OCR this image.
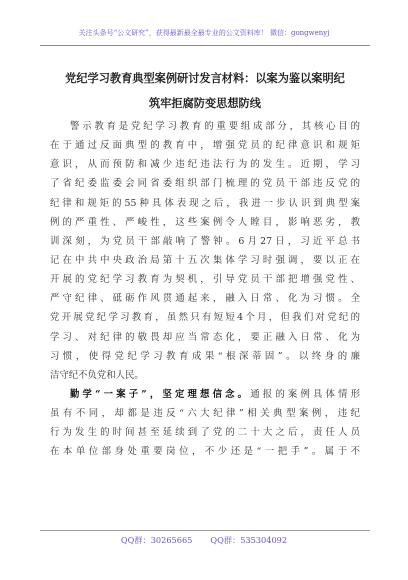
关注头条号“公文研究”，获得最新最全最专业的公文资料库！ 微信：gongwenyj
党纪学习教育典型案例研讨发言材料：以案为鉴以案明纪
筑牢拒腐防变思想防线
警示教育是党纪学习教育的重要组成部分，其核心目的
在于通过反面典型的教育中，增强党员的纪律意识和规矩
意识，从而预防和减少违纪违法行为的发生。近期，学习
了省纪委监委会同省委组织部门梳理的党员干部违反党的
纪律和规矩的55种具体表现之后，我进一步认识到典型案
例的严重性、严峻性，这些案例令人瞠目，影响恶劣，教
训深刻，为党员干部敲响了警钟。6月27日，习近平总书
记在中共中央政治局第十五次集体学习时强调，要以正在
开展的党纪学习教育为契机，引导党员干部把增强党性、
严守纪律、砥砺作风贯通起来，融入日常、化为习惯。全
党开展党纪学习教育，虽然只有短短4个月，但我们对党纪的
学习、对纪律的敬畏却应当常态化，要正融入日常、化为
习惯，使得党纪学习教育成果“根深蒂固”。以终身的廉
洁守纪不负党和人民。
勤学“一案子”，坚定理想信念。通报的案例具体情形
虽有不同，却都是违反“六大纪律”相关典型案例，违纪
行为发生的时间甚至延续到了党的二十大之后，责任人员
在本单位部身处重要岗位，不少还是“一把手”。属于不
QQ群：30265665 QQ群：535304092
